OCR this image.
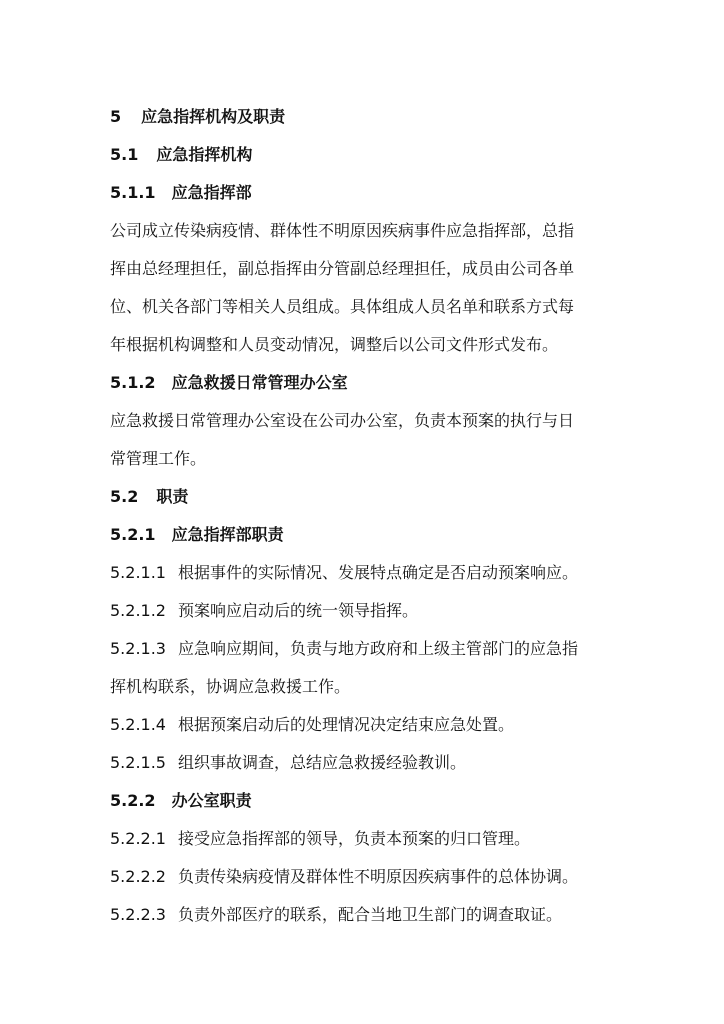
5 应急指挥机构及职责
5.1 应急指挥机构
5.1.1 应急指挥部
公司成立传染病疫情、群体性不明原因疾病事件应急指挥部，总指
挥由总经理担任，副总指挥由分管副总经理担任，成员由公司各单
位、机关各部门等相关人员组成。具体组成人员名单和联系方式每
年根据机构调整和人员变动情况，调整后以公司文件形式发布。
5.1.2 应急救援日常管理办公室
应急救援日常管理办公室设在公司办公室，负责本预案的执行与日
常管理工作。
5.2 职责
5.2.1 应急指挥部职责
5.2.1.1 根据事件的实际情况、发展特点确定是否启动预案响应。
5.2.1.2 预案响应启动后的统一领导指挥。
5.2.1.3 应急响应期间，负责与地方政府和上级主管部门的应急指
挥机构联系，协调应急救援工作。
5.2.1.4 根据预案启动后的处理情况决定结束应急处置。
5.2.1.5 组织事故调查，总结应急救援经验教训。
5.2.2 办公室职责
5.2.2.1 接受应急指挥部的领导，负责本预案的归口管理。
5.2.2.2 负责传染病疫情及群体性不明原因疾病事件的总体协调。
5.2.2.3 负责外部医疗的联系，配合当地卫生部门的调查取证。
